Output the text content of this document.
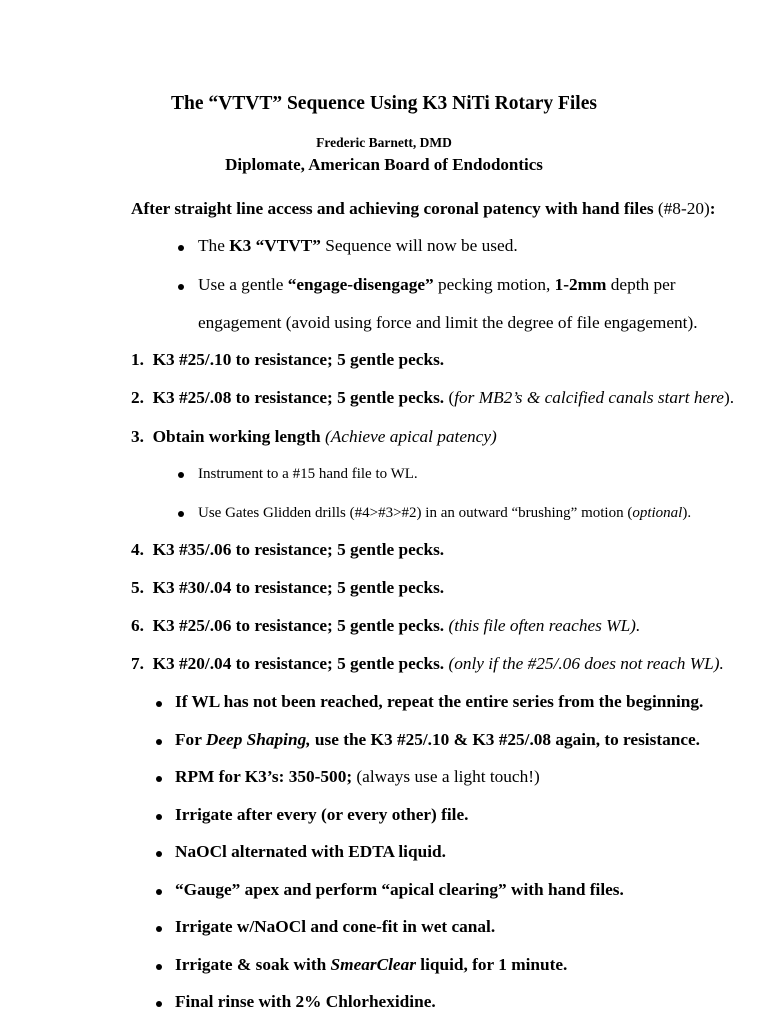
The “VTVT” Sequence Using K3 NiTi Rotary Files
Frederic Barnett, DMD
Diplomate, American Board of Endodontics
After straight line access and achieving coronal patency with hand files (#8-20):
The K3 “VTVT” Sequence will now be used.
Use a gentle “engage-disengage” pecking motion, 1-2mm depth per
engagement (avoid using force and limit the degree of file engagement).
1. K3 #25/.10 to resistance; 5 gentle pecks.
2. K3 #25/.08 to resistance; 5 gentle pecks. (for MB2’s & calcified canals start here).
3. Obtain working length (Achieve apical patency)
Instrument to a #15 hand file to WL.
Use Gates Glidden drills (#4>#3>#2) in an outward “brushing” motion (optional).
4. K3 #35/.06 to resistance; 5 gentle pecks.
5. K3 #30/.04 to resistance; 5 gentle pecks.
6. K3 #25/.06 to resistance; 5 gentle pecks. (this file often reaches WL).
7. K3 #20/.04 to resistance; 5 gentle pecks. (only if the #25/.06 does not reach WL).
If WL has not been reached, repeat the entire series from the beginning.
For Deep Shaping, use the K3 #25/.10 & K3 #25/.08 again, to resistance.
RPM for K3’s: 350-500; (always use a light touch!)
Irrigate after every (or every other) file.
NaOCl alternated with EDTA liquid.
“Gauge” apex and perform “apical clearing” with hand files.
Irrigate w/NaOCl and cone-fit in wet canal.
Irrigate & soak with SmearClear liquid, for 1 minute.
Final rinse with 2% Chlorhexidine.
